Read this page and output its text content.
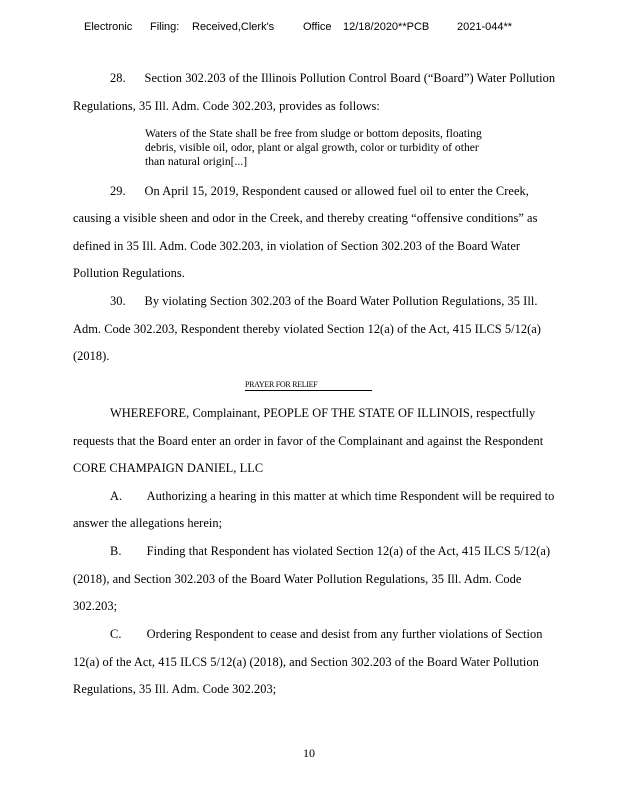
Electronic Filing: Received,Clerk's	Office 12/18/2020**PCB	2021-044**
28.      Section 302.203 of the Illinois Pollution Control Board (“Board”) Water Pollution
Regulations, 35 Ill. Adm. Code 302.203, provides as follows:
Waters of the State shall be free from sludge or bottom deposits, floating
debris, visible oil, odor, plant or algal growth, color or turbidity of other
than natural origin[...]
29.      On April 15, 2019, Respondent caused or allowed fuel oil to enter the Creek,
causing a visible sheen and odor in the Creek, and thereby creating “offensive conditions” as
defined in 35 Ill. Adm. Code 302.203, in violation of Section 302.203 of the Board Water
Pollution Regulations.
30.      By violating Section 302.203 of the Board Water Pollution Regulations, 35 Ill.
Adm. Code 302.203, Respondent thereby violated Section 12(a) of the Act, 415 ILCS 5/12(a)
(2018).
PRAYER FOR RELIEF
WHEREFORE, Complainant, PEOPLE OF THE STATE OF ILLINOIS, respectfully
requests that the Board enter an order in favor of the Complainant and against the Respondent
CORE CHAMPAIGN DANIEL, LLC
A.        Authorizing a hearing in this matter at which time Respondent will be required to
answer the allegations herein;
B.        Finding that Respondent has violated Section 12(a) of the Act, 415 ILCS 5/12(a)
(2018), and Section 302.203 of the Board Water Pollution Regulations, 35 Ill. Adm. Code
302.203;
C.        Ordering Respondent to cease and desist from any further violations of Section
12(a) of the Act, 415 ILCS 5/12(a) (2018), and Section 302.203 of the Board Water Pollution
Regulations, 35 Ill. Adm. Code 302.203;
10
